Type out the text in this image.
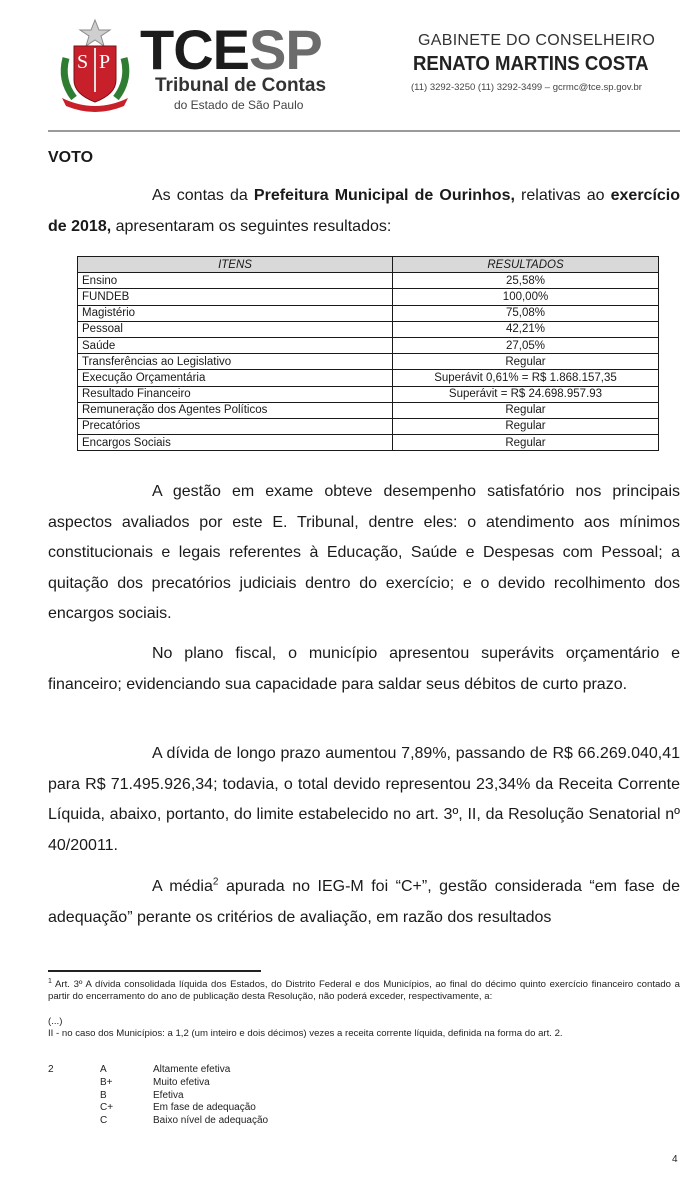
S P TCESP
Tribunal de Contas
do Estado de São Paulo
GABINETE DO CONSELHEIRO
RENATO MARTINS COSTA
(11) 3292-3250 (11) 3292-3499 – gcrmc@tce.sp.gov.br
VOTO
As contas da Prefeitura Municipal de Ourinhos, relativas ao exercício de 2018, apresentaram os seguintes resultados:
ITENS	RESULTADOS
Ensino	25,58%
FUNDEB	100,00%
Magistério	75,08%
Pessoal	42,21%
Saúde	27,05%
Transferências ao Legislativo	Regular
Execução Orçamentária	Superávit 0,61% = R$ 1.868.157,35
Resultado Financeiro	Superávit = R$ 24.698.957.93
Remuneração dos Agentes Políticos	Regular
Precatórios	Regular
Encargos Sociais	Regular
A gestão em exame obteve desempenho satisfatório nos principais aspectos avaliados por este E. Tribunal, dentre eles: o atendimento aos mínimos constitucionais e legais referentes à Educação, Saúde e Despesas com Pessoal; a quitação dos precatórios judiciais dentro do exercício; e o devido recolhimento dos encargos sociais.
No plano fiscal, o município apresentou superávits orçamentário e financeiro; evidenciando sua capacidade para saldar seus débitos de curto prazo.
A dívida de longo prazo aumentou 7,89%, passando de R$ 66.269.040,41 para R$ 71.495.926,34; todavia, o total devido representou 23,34% da Receita Corrente Líquida, abaixo, portanto, do limite estabelecido no art. 3º, II, da Resolução Senatorial nº 40/20011.
A média$^2$ apurada no IEG-M foi “C+”, gestão considerada “em fase de adequação” perante os critérios de avaliação, em razão dos resultados
$^1$ Art. 3º A dívida consolidada líquida dos Estados, do Distrito Federal e dos Municípios, ao final do décimo quinto exercício financeiro contado a partir do encerramento do ano de publicação desta Resolução, não poderá exceder, respectivamente, a:
(...)
II - no caso dos Municípios: a 1,2 (um inteiro e dois décimos) vezes a receita corrente líquida, definida na forma do art. 2.
2	A	Altamente efetiva
B+	Muito efetiva
B	Efetiva
C+	Em fase de adequação
C	Baixo nível de adequação
4
